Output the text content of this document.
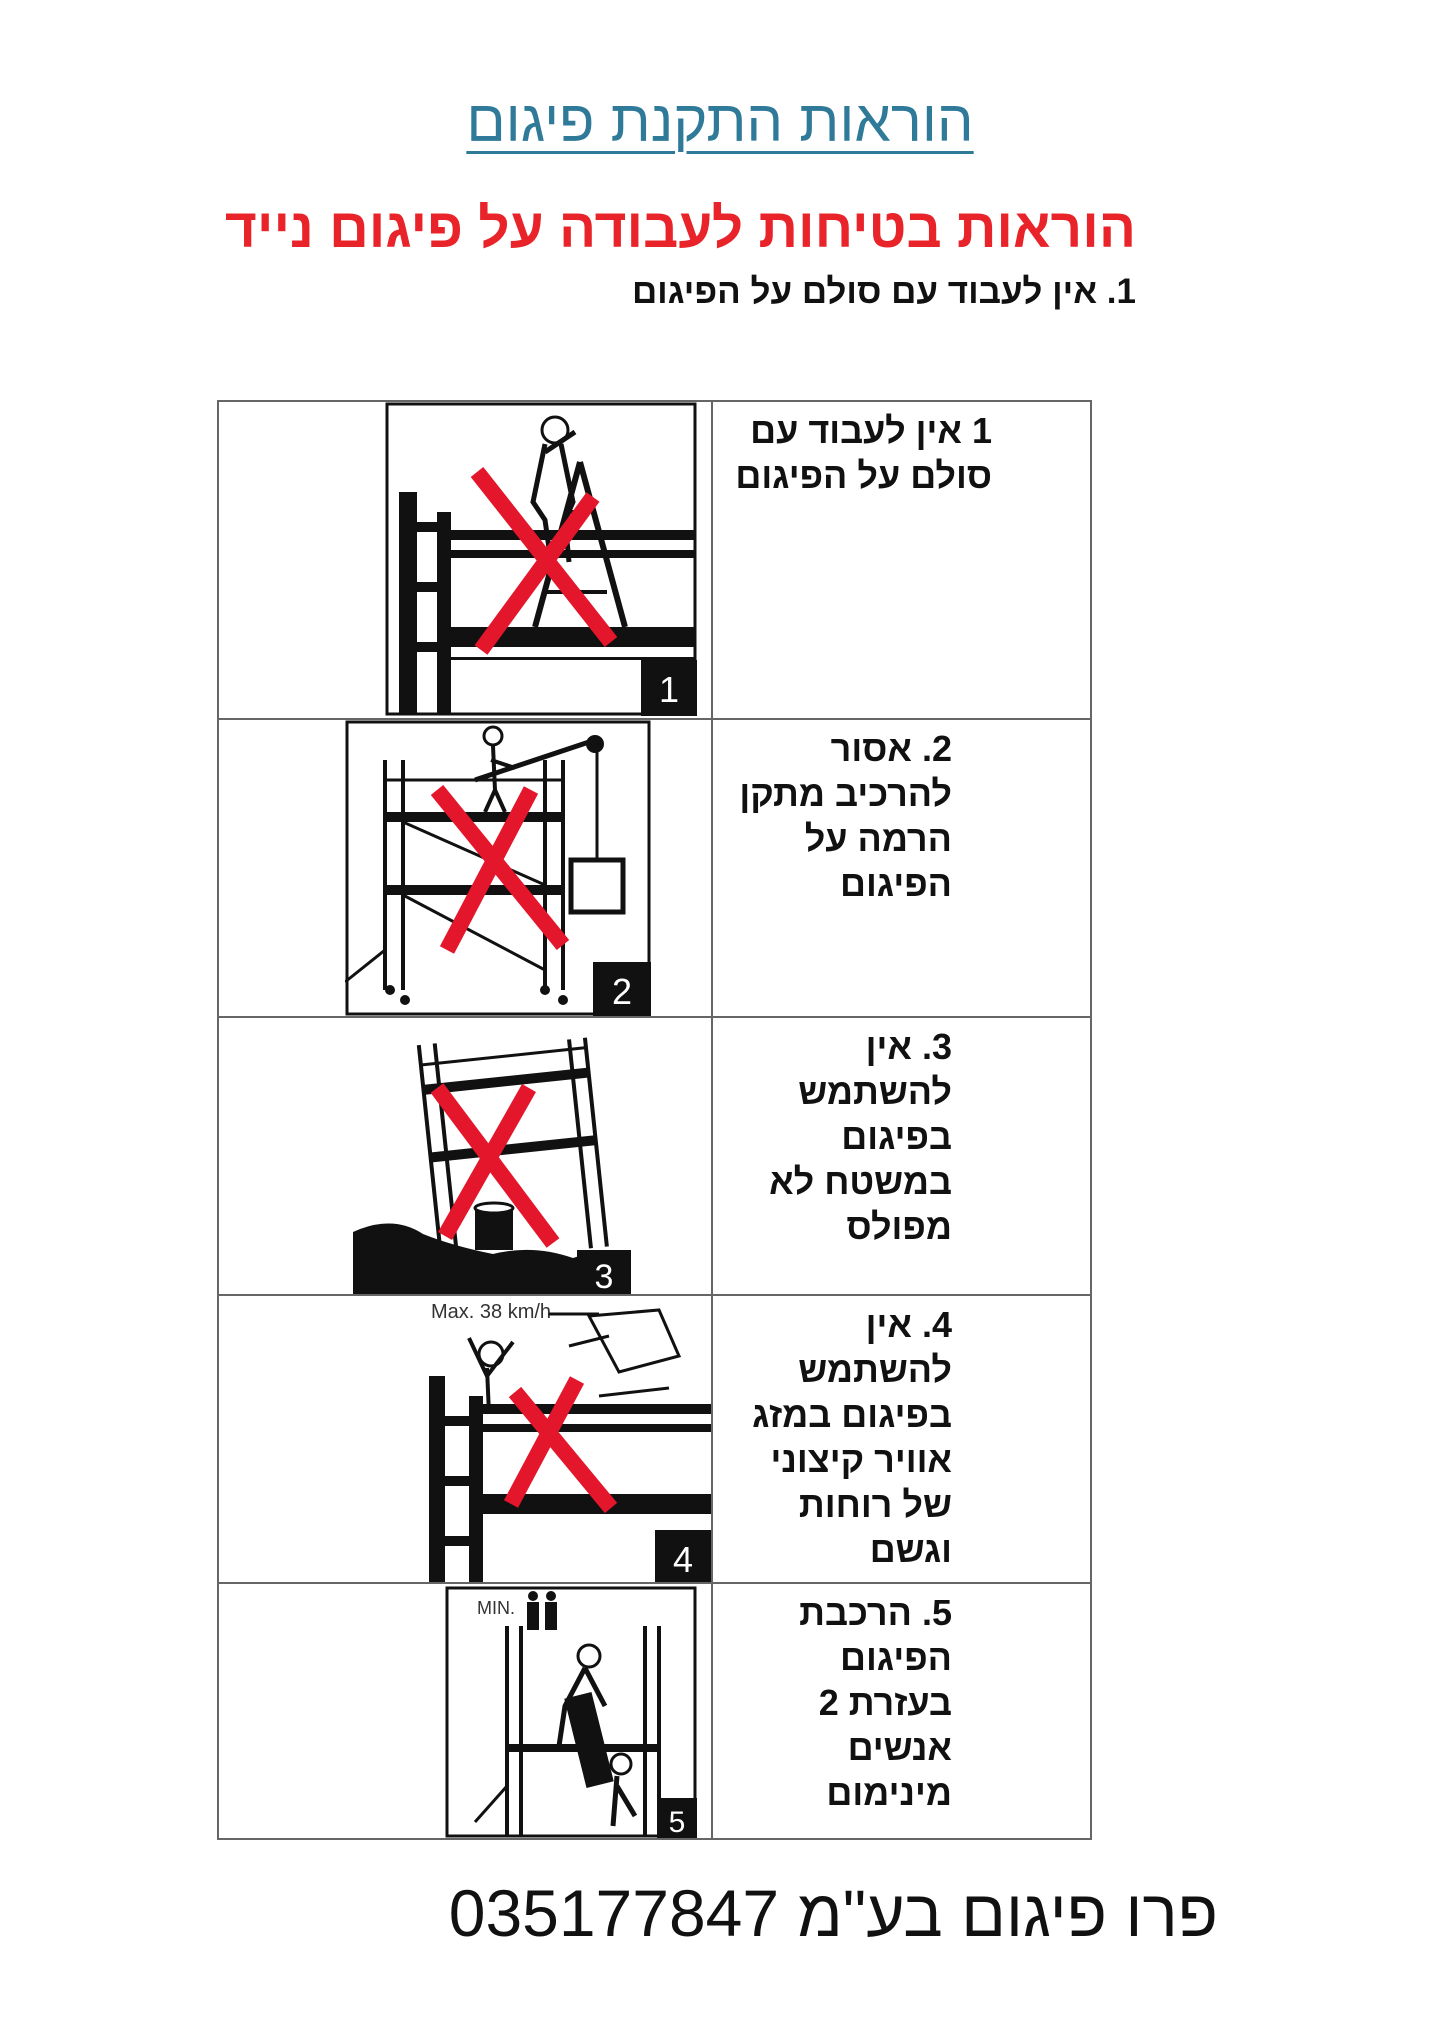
הוראות התקנת פיגום
הוראות בטיחות לעבודה על פיגום נייד
1. אין לעבוד עם סולם על הפיגום
1 אין לעבוד עם סולם על הפיגום
1
2. אסור להרכיב מתקן הרמה על הפיגום
2
3. אין להשתמש בפיגום במשטח לא מפולס
3
4. אין להשתמש בפיגום במזג אוויר קיצוני של רוחות וגשם
Max. 38 km/h
4
5. הרכבת הפיגום בעזרת 2 אנשים מינימום
MIN.
5
פרו פיגום בע"מ 035177847
